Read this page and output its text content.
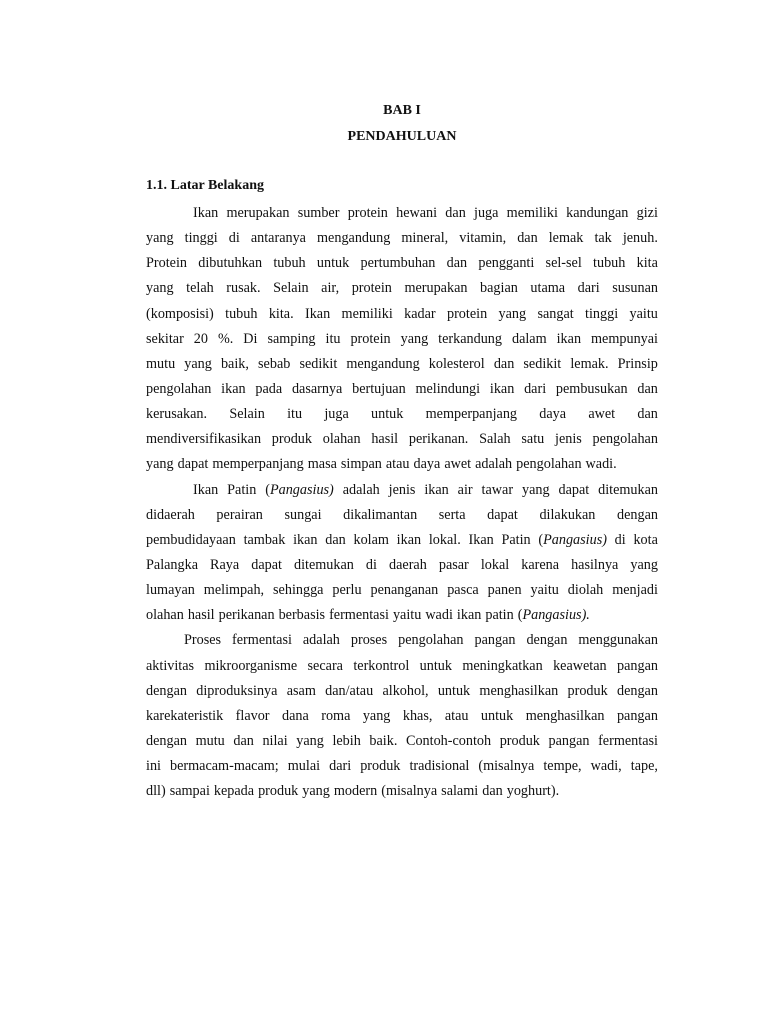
BAB I
PENDAHULUAN
1.1. Latar Belakang
Ikan merupakan sumber protein hewani dan juga memiliki kandungan gizi
yang tinggi di antaranya mengandung mineral, vitamin, dan lemak tak jenuh.
Protein dibutuhkan tubuh untuk pertumbuhan dan pengganti sel-sel tubuh kita
yang telah rusak. Selain air, protein merupakan bagian utama dari susunan
(komposisi) tubuh kita. Ikan memiliki kadar protein yang sangat tinggi yaitu
sekitar 20 %. Di samping itu protein yang terkandung dalam ikan mempunyai
mutu yang baik, sebab sedikit mengandung kolesterol dan sedikit lemak. Prinsip
pengolahan ikan pada dasarnya bertujuan melindungi ikan dari pembusukan dan
kerusakan. Selain itu juga untuk memperpanjang daya awet dan
mendiversifikasikan produk olahan hasil perikanan. Salah satu jenis pengolahan
yang dapat memperpanjang masa simpan atau daya awet adalah pengolahan wadi.
Ikan Patin (Pangasius) adalah jenis ikan air tawar yang dapat ditemukan
didaerah perairan sungai dikalimantan serta dapat dilakukan dengan
pembudidayaan tambak ikan dan kolam ikan lokal. Ikan Patin (Pangasius) di kota
Palangka Raya dapat ditemukan di daerah pasar lokal karena hasilnya yang
lumayan melimpah, sehingga perlu penanganan pasca panen yaitu diolah menjadi
olahan hasil perikanan berbasis fermentasi yaitu wadi ikan patin (Pangasius).
Proses fermentasi adalah proses pengolahan pangan dengan menggunakan
aktivitas mikroorganisme secara terkontrol untuk meningkatkan keawetan pangan
dengan diproduksinya asam dan/atau alkohol, untuk menghasilkan produk dengan
karekateristik flavor dana roma yang khas, atau untuk menghasilkan pangan
dengan mutu dan nilai yang lebih baik. Contoh-contoh produk pangan fermentasi
ini bermacam-macam; mulai dari produk tradisional (misalnya tempe, wadi, tape,
dll) sampai kepada produk yang modern (misalnya salami dan yoghurt).
